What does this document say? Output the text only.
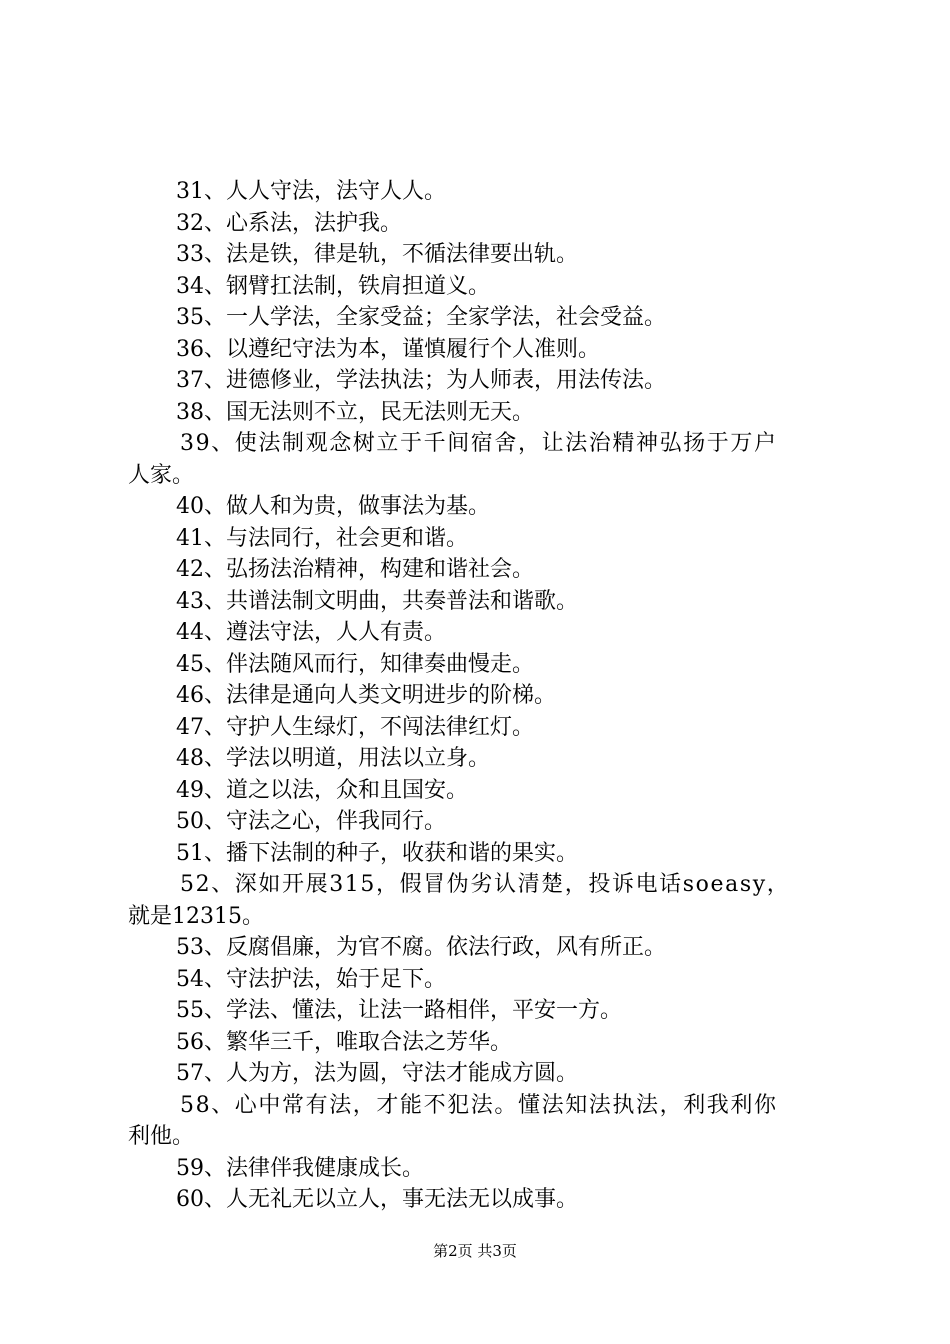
31、人人守法，法守人人。
32、心系法，法护我。
33、法是铁，律是轨，不循法律要出轨。
34、钢臂扛法制，铁肩担道义。
35、一人学法，全家受益；全家学法，社会受益。
36、以遵纪守法为本，谨慎履行个人准则。
37、进德修业，学法执法；为人师表，用法传法。
38、国无法则不立，民无法则无天。
39、使法制观念树立于千间宿舍，让法治精神弘扬于万户
人家。
40、做人和为贵，做事法为基。
41、与法同行，社会更和谐。
42、弘扬法治精神，构建和谐社会。
43、共谱法制文明曲，共奏普法和谐歌。
44、遵法守法，人人有责。
45、伴法随风而行，知律奏曲慢走。
46、法律是通向人类文明进步的阶梯。
47、守护人生绿灯，不闯法律红灯。
48、学法以明道，用法以立身。
49、道之以法，众和且国安。
50、守法之心，伴我同行。
51、播下法制的种子，收获和谐的果实。
52、深如开展315，假冒伪劣认清楚，投诉电话soeasy，
就是12315。
53、反腐倡廉，为官不腐。依法行政，风有所正。
54、守法护法，始于足下。
55、学法、懂法，让法一路相伴，平安一方。
56、繁华三千，唯取合法之芳华。
57、人为方，法为圆，守法才能成方圆。
58、心中常有法，才能不犯法。懂法知法执法，利我利你
利他。
59、法律伴我健康成长。
60、人无礼无以立人，事无法无以成事。
第2页 共3页
